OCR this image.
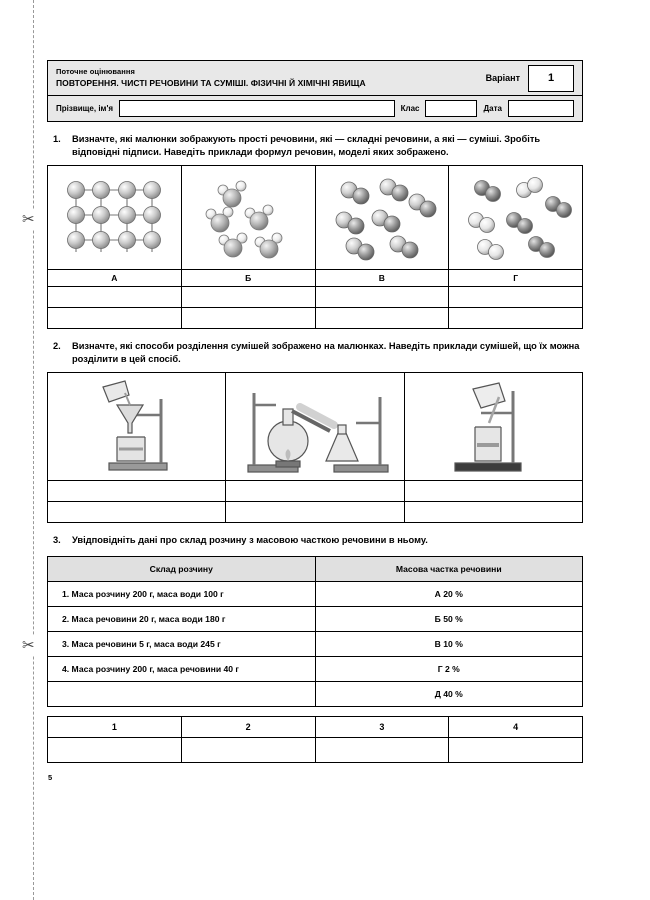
✂
✂
Поточне оцінювання
ПОВТОРЕННЯ. ЧИСТІ РЕЧОВИНИ ТА СУМІШІ. ФІЗИЧНІ Й ХІМІЧНІ ЯВИЩА	Варіант	1
Прізвище, ім'я	Клас	Дата
1.	Визначте, які малюнки зображують прості речовини, які — складні речовини, а які — суміші. Зробіть відповідні підписи. Наведіть приклади формул речовин, моделі яких зображено.

А	Б	В	Г

2.	Визначте, які способи розділення сумішей зображено на малюнках. Наведіть приклади сумішей, що їх можна розділити в цей спосіб.

3.	Увідповідніть дані про склад розчину з масовою часткою речовини в ньому.
Склад розчину	Масова частка речовини
1. Маса розчину 200 г, маса води 100 г	А 20 %
2. Маса речовини 20 г, маса води 180 г	Б 50 %
3. Маса речовини 5 г, маса води 245 г	В 10 %
4. Маса розчину 200 г, маса речовини 40 г	Г 2 %
	Д 40 %
1	2	3	4

5
